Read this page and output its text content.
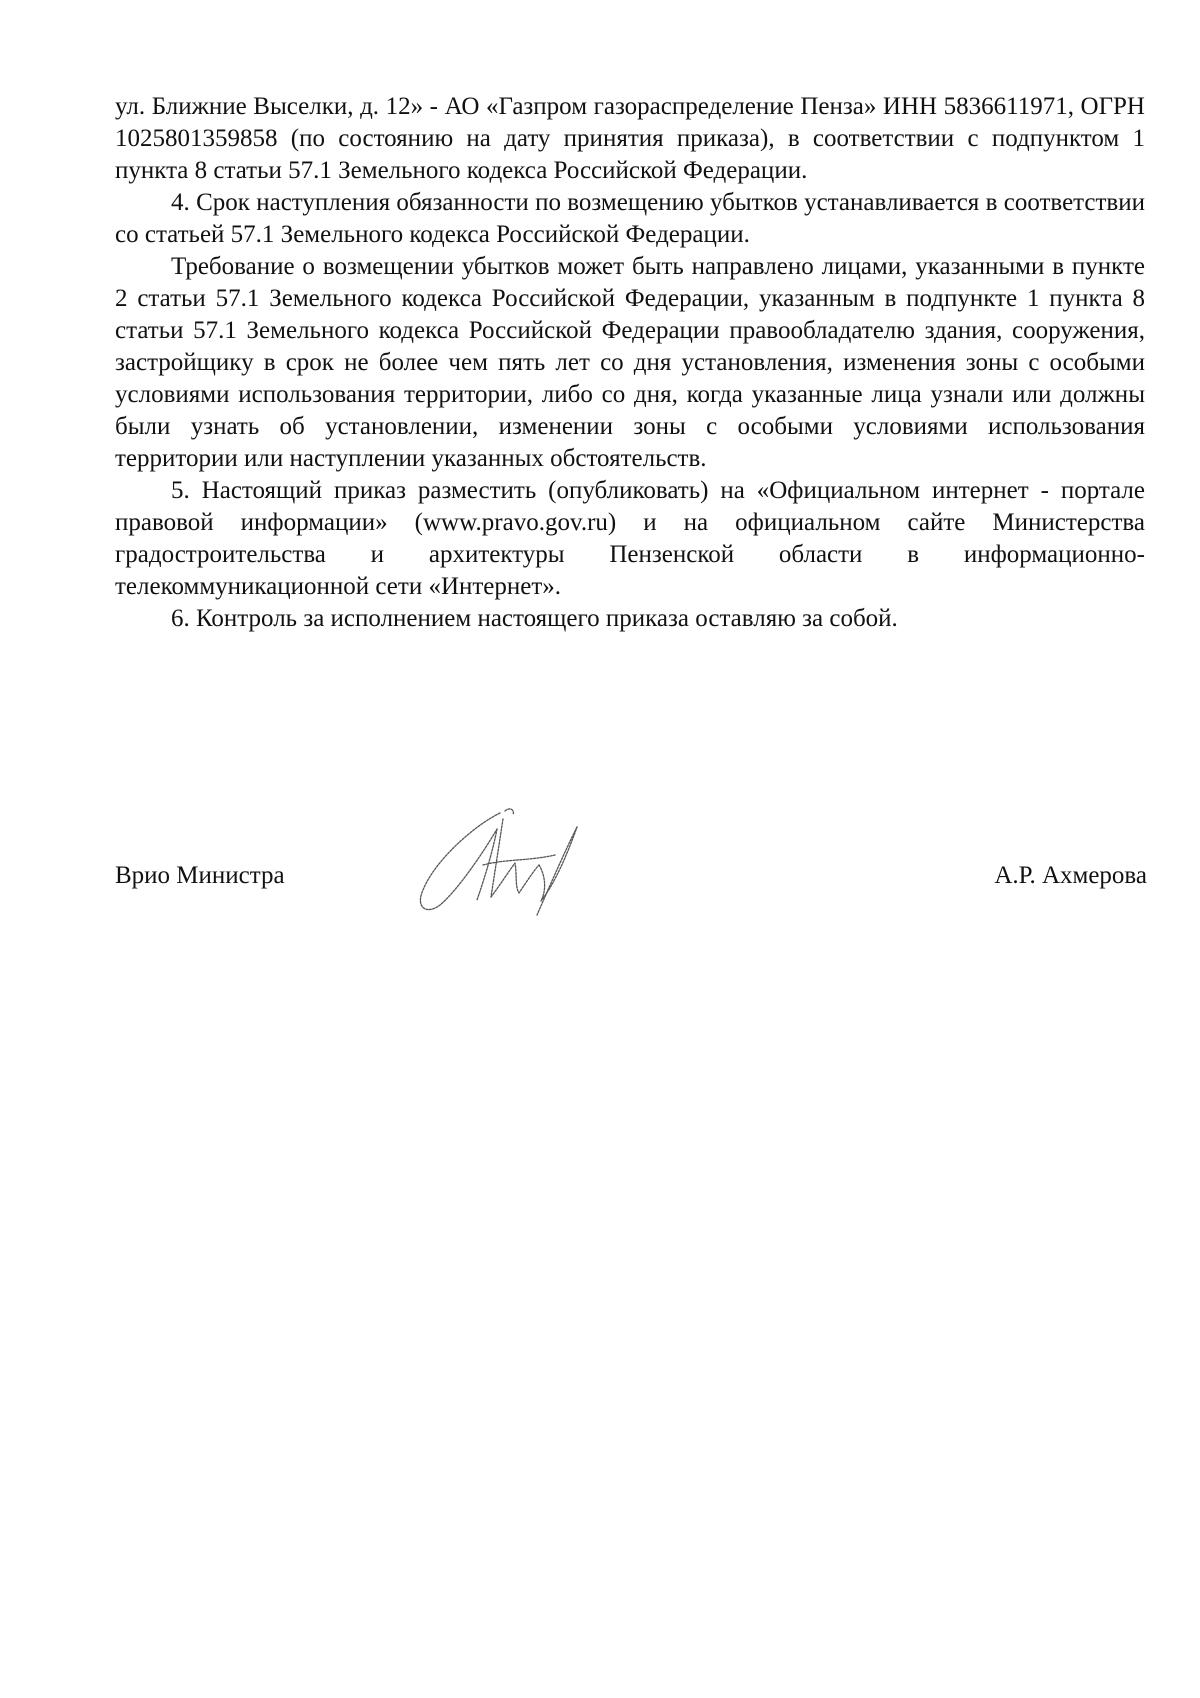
ул. Ближние Выселки, д. 12» - АО «Газпром газораспределение Пенза» ИНН 5836611971, ОГРН 1025801359858 (по состоянию на дату принятия приказа), в соответствии с подпунктом 1 пункта 8 статьи 57.1 Земельного кодекса Российской Федерации.

4. Срок наступления обязанности по возмещению убытков устанавливается в соответствии со статьей 57.1 Земельного кодекса Российской Федерации.

Требование о возмещении убытков может быть направлено лицами, указанными в пункте 2 статьи 57.1 Земельного кодекса Российской Федерации, указанным в подпункте 1 пункта 8 статьи 57.1 Земельного кодекса Российской Федерации правообладателю здания, сооружения, застройщику в срок не более чем пять лет со дня установления, изменения зоны с особыми условиями использования территории, либо со дня, когда указанные лица узнали или должны были узнать об установлении, изменении зоны с особыми условиями использования территории или наступлении указанных обстоятельств.

5. Настоящий приказ разместить (опубликовать) на «Официальном интернет - портале правовой информации» (www.pravo.gov.ru) и на официальном сайте Министерства градостроительства и архитектуры Пензенской области в информационно-телекоммуникационной сети «Интернет».

6. Контроль за исполнением настоящего приказа оставляю за собой.

Врио Министра	А.Р. Ахмерова
